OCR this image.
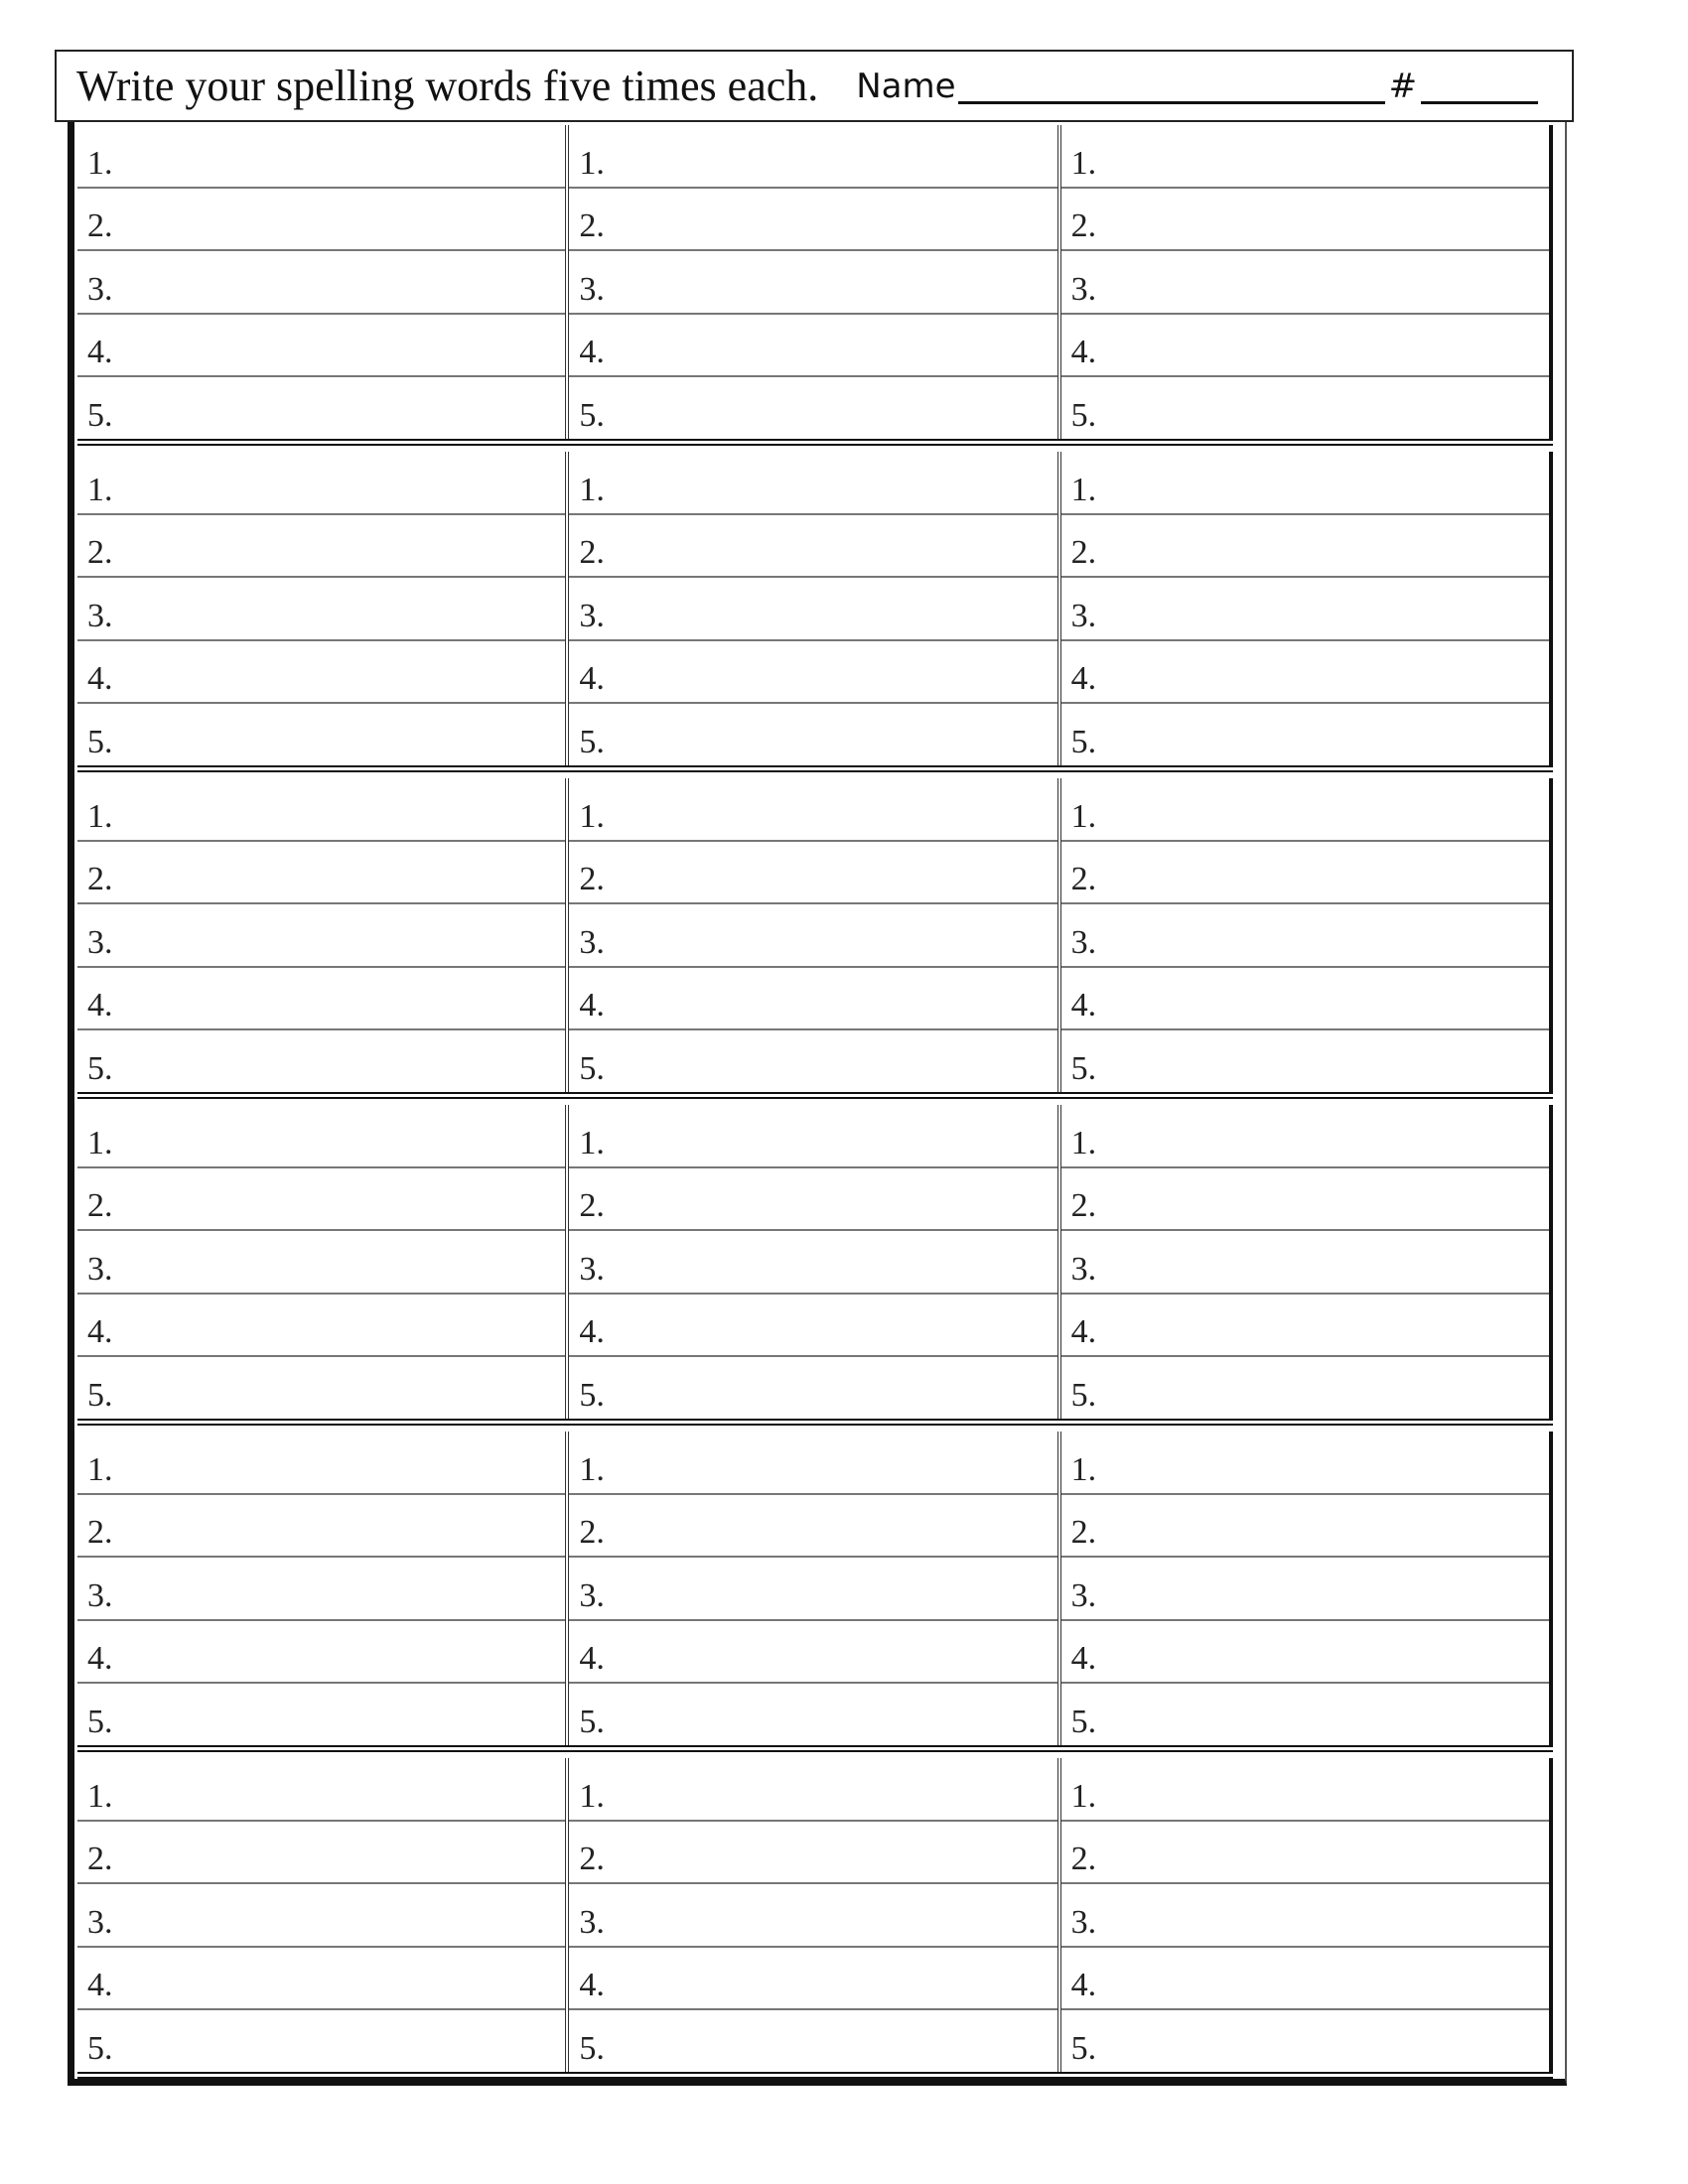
Write your spelling words five times each. Name	#
1.
2.
3.
4.
5.
1.
2.
3.
4.
5.
1.
2.
3.
4.
5.
1.
2.
3.
4.
5.
1.
2.
3.
4.
5.
1.
2.
3.
4.
5.
1.
2.
3.
4.
5.
1.
2.
3.
4.
5.
1.
2.
3.
4.
5.
1.
2.
3.
4.
5.
1.
2.
3.
4.
5.
1.
2.
3.
4.
5.
1.
2.
3.
4.
5.
1.
2.
3.
4.
5.
1.
2.
3.
4.
5.
1.
2.
3.
4.
5.
1.
2.
3.
4.
5.
1.
2.
3.
4.
5.
